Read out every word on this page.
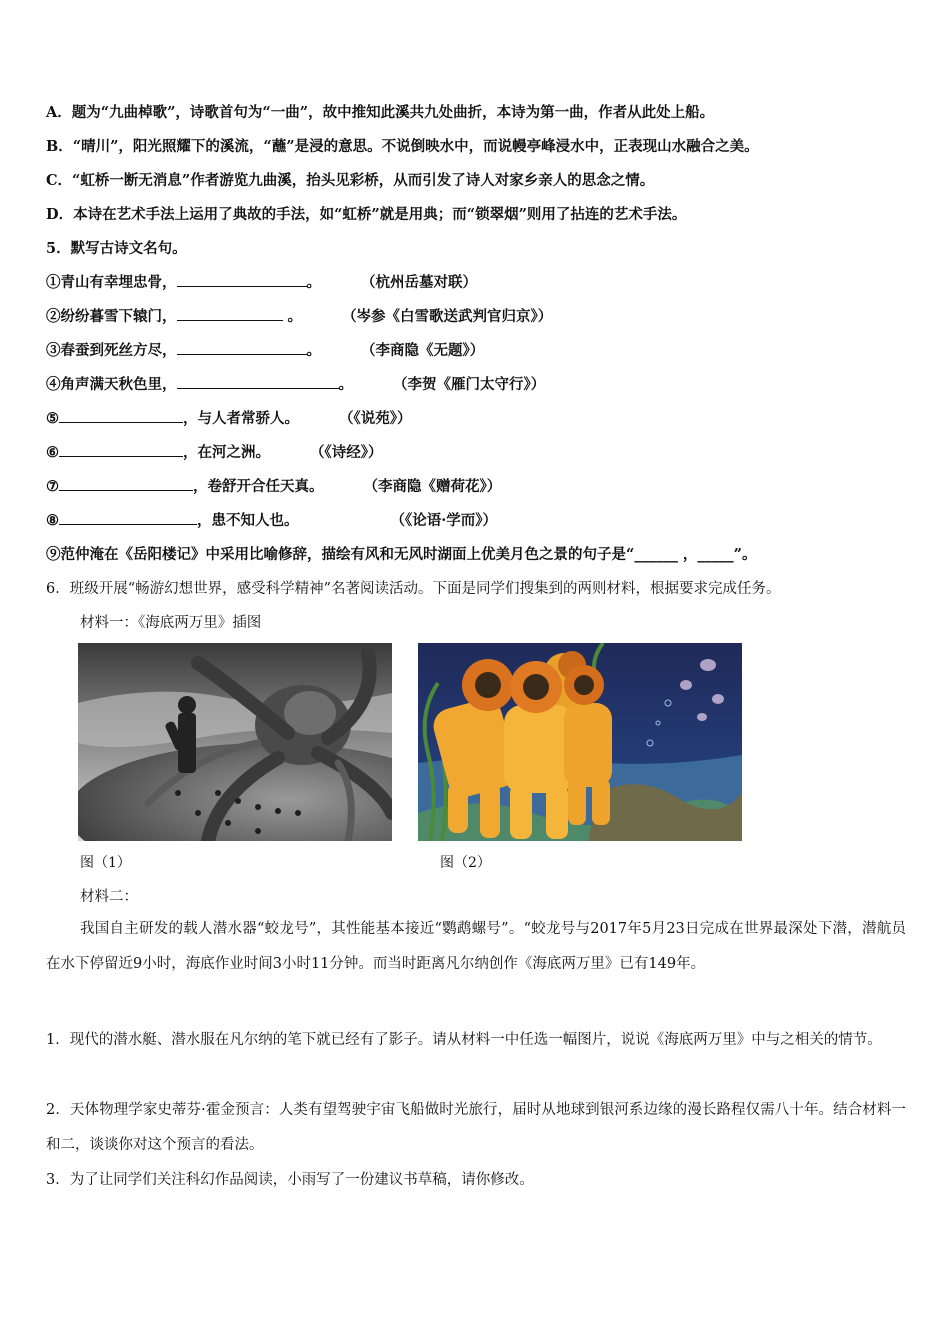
A．题为“九曲棹歌”，诗歌首句为“一曲”，故中推知此溪共九处曲折，本诗为第一曲，作者从此处上船。
B．“晴川”，阳光照耀下的溪流，“蘸”是浸的意思。不说倒映水中，而说幔亭峰浸水中，正表现山水融合之美。
C．“虹桥一断无消息”作者游览九曲溪，抬头见彩桥，从而引发了诗人对家乡亲人的思念之情。
D．本诗在艺术手法上运用了典故的手法，如“虹桥”就是用典；而“锁翠烟”则用了拈连的艺术手法。
5．默写古诗文名句。
①青山有幸埋忠骨，	。	（杭州岳墓对联）
②纷纷暮雪下辕门，	。	（岑参《白雪歌送武判官归京》）
③春蚕到死丝方尽，	。	（李商隐《无题》）
④角声满天秋色里，	。	（李贺《雁门太守行》）
⑤	，与人者常骄人。	（《说苑》）
⑥	，在河之洲。	（《诗经》）
⑦	，卷舒开合任天真。	（李商隐《赠荷花》）
⑧	，患不知人也。	（《论语·学而》）
⑨范仲淹在《岳阳楼记》中采用比喻修辞，描绘有风和无风时湖面上优美月色之景的句子是“______ ，_____”。
6．班级开展“畅游幻想世界，感受科学精神”名著阅读活动。下面是同学们搜集到的两则材料，根据要求完成任务。
材料一：《海底两万里》插图
图（1）	图（2）
材料二：
我国自主研发的载人潜水器“蛟龙号”，其性能基本接近“鹦鹉螺号”。“蛟龙号与2017年5月23日完成在世界最深处下潜，潜航员在水下停留近9小时，海底作业时间3小时11分钟。而当时距离凡尔纳创作《海底两万里》已有149年。
1．现代的潜水艇、潜水服在凡尔纳的笔下就已经有了影子。请从材料一中任选一幅图片，说说《海底两万里》中与之相关的情节。
2．天体物理学家史蒂芬·霍金预言：人类有望驾驶宇宙飞船做时光旅行，届时从地球到银河系边缘的漫长路程仅需八十年。结合材料一和二，谈谈你对这个预言的看法。
3．为了让同学们关注科幻作品阅读，小雨写了一份建议书草稿，请你修改。
